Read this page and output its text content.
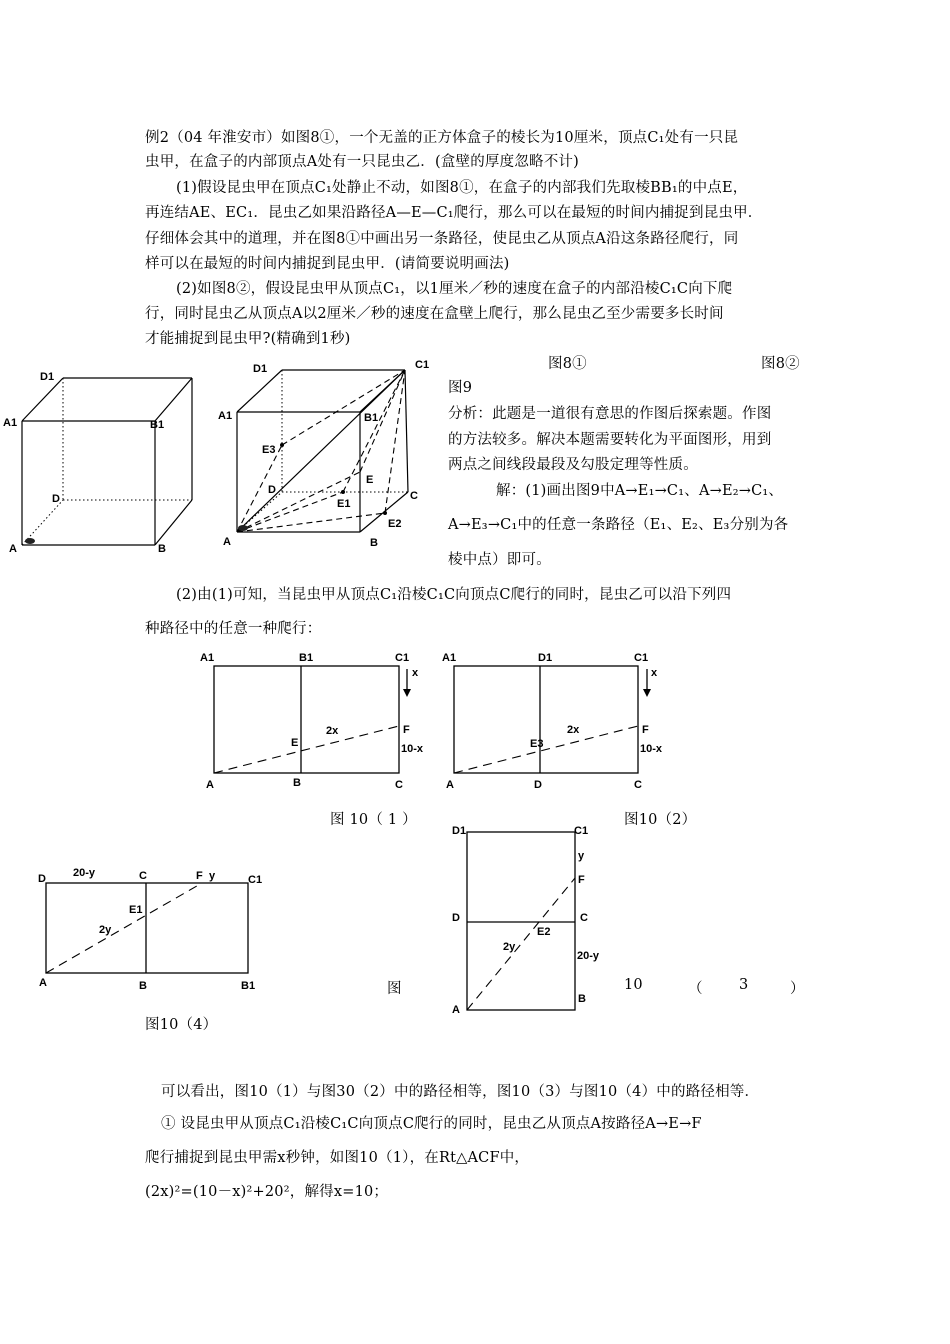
例2（04 年淮安市）如图8①，一个无盖的正方体盒子的棱长为10厘米，顶点C₁处有一只昆
虫甲，在盒子的内部顶点A处有一只昆虫乙．(盒壁的厚度忽略不计)
(1)假设昆虫甲在顶点C₁处静止不动，如图8①，在盒子的内部我们先取棱BB₁的中点E，
再连结AE、EC₁．昆虫乙如果沿路径A—E—C₁爬行，那么可以在最短的时间内捕捉到昆虫甲．
仔细体会其中的道理，并在图8①中画出另一条路径，使昆虫乙从顶点A沿这条路径爬行，同
样可以在最短的时间内捕捉到昆虫甲．(请简要说明画法)
(2)如图8②，假设昆虫甲从顶点C₁，以1厘米／秒的速度在盒子的内部沿棱C₁C向下爬
行，同时昆虫乙从顶点A以2厘米／秒的速度在盒壁上爬行，那么昆虫乙至少需要多长时间
才能捕捉到昆虫甲?(精确到1秒)
D1
A1	B1
D
A	B
D1	C1
A1	B1
E3
D
E
E1
C
E2
A	B
图8①	图8②
图9
分析：此题是一道很有意思的作图后探索题。作图
的方法较多。解决本题需要转化为平面图形，用到
两点之间线段最段及勾股定理等性质。
解：(1)画出图9中A→E₁→C₁、A→E₂→C₁、
A→E₃→C₁中的任意一条路径（E₁、E₂、E₃分别为各
棱中点）即可。
(2)由(1)可知，当昆虫甲从顶点C₁沿棱C₁C向顶点C爬行的同时，昆虫乙可以沿下列四
种路径中的任意一种爬行：
A1	B1	C1
x
2x
E
F
10-x
A	B	C
A1	D1	C1
x
2x
E3
F
10-x
A	D	C
图 10（ 1 ）	图10（2）
D 20-y	C	F y	C1
E1
2y
A	B	B1
D1	C1
y
F
D	C
E2
2y
20-y
B
A
图	10	（	3	）
图10（4）
可以看出，图10（1）与图30（2）中的路径相等，图10（3）与图10（4）中的路径相等．
① 设昆虫甲从顶点C₁沿棱C₁C向顶点C爬行的同时，昆虫乙从顶点A按路径A→E→F
爬行捕捉到昆虫甲需x秒钟，如图10（1），在Rt△ACF中，
(2x)²=(10－x)²+20²，解得x=10；
